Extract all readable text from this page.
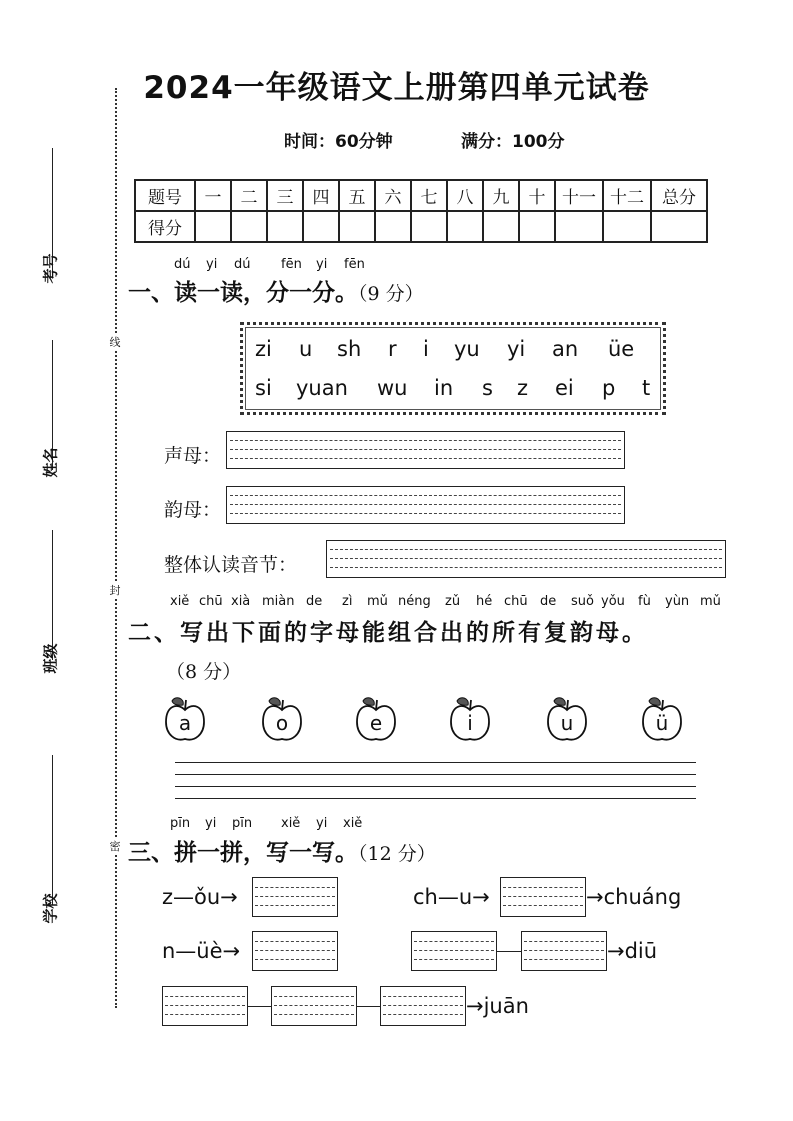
线
封
密
考号
姓名
班级
学校
2024一年级语文上册第四单元试卷
时间：60分钟	满分：100分
题号	一	二	三	四	五	六	七	八	九	十	十一	十二	总分
得分													
dú yi dú fēn yi fēn
一、读一读，分一分。（9 分）
zi u sh r i yu yi an üe
si yuan wu in s z ei p t
声母：
韵母：
整体认读音节：
xiě chū xià miàn de zì mǔ néng zǔ hé chū de suǒ yǒu fù yùn mǔ
二、写出下面的字母能组合出的所有复韵母。
（8 分）
a	o	e	i	u	ü
pīn yi pīn xiě yi xiě
三、拼一拼，写一写。（12 分）
z—ǒu→	ch—u→	→chuáng
n—üè→	→diū
→juān
